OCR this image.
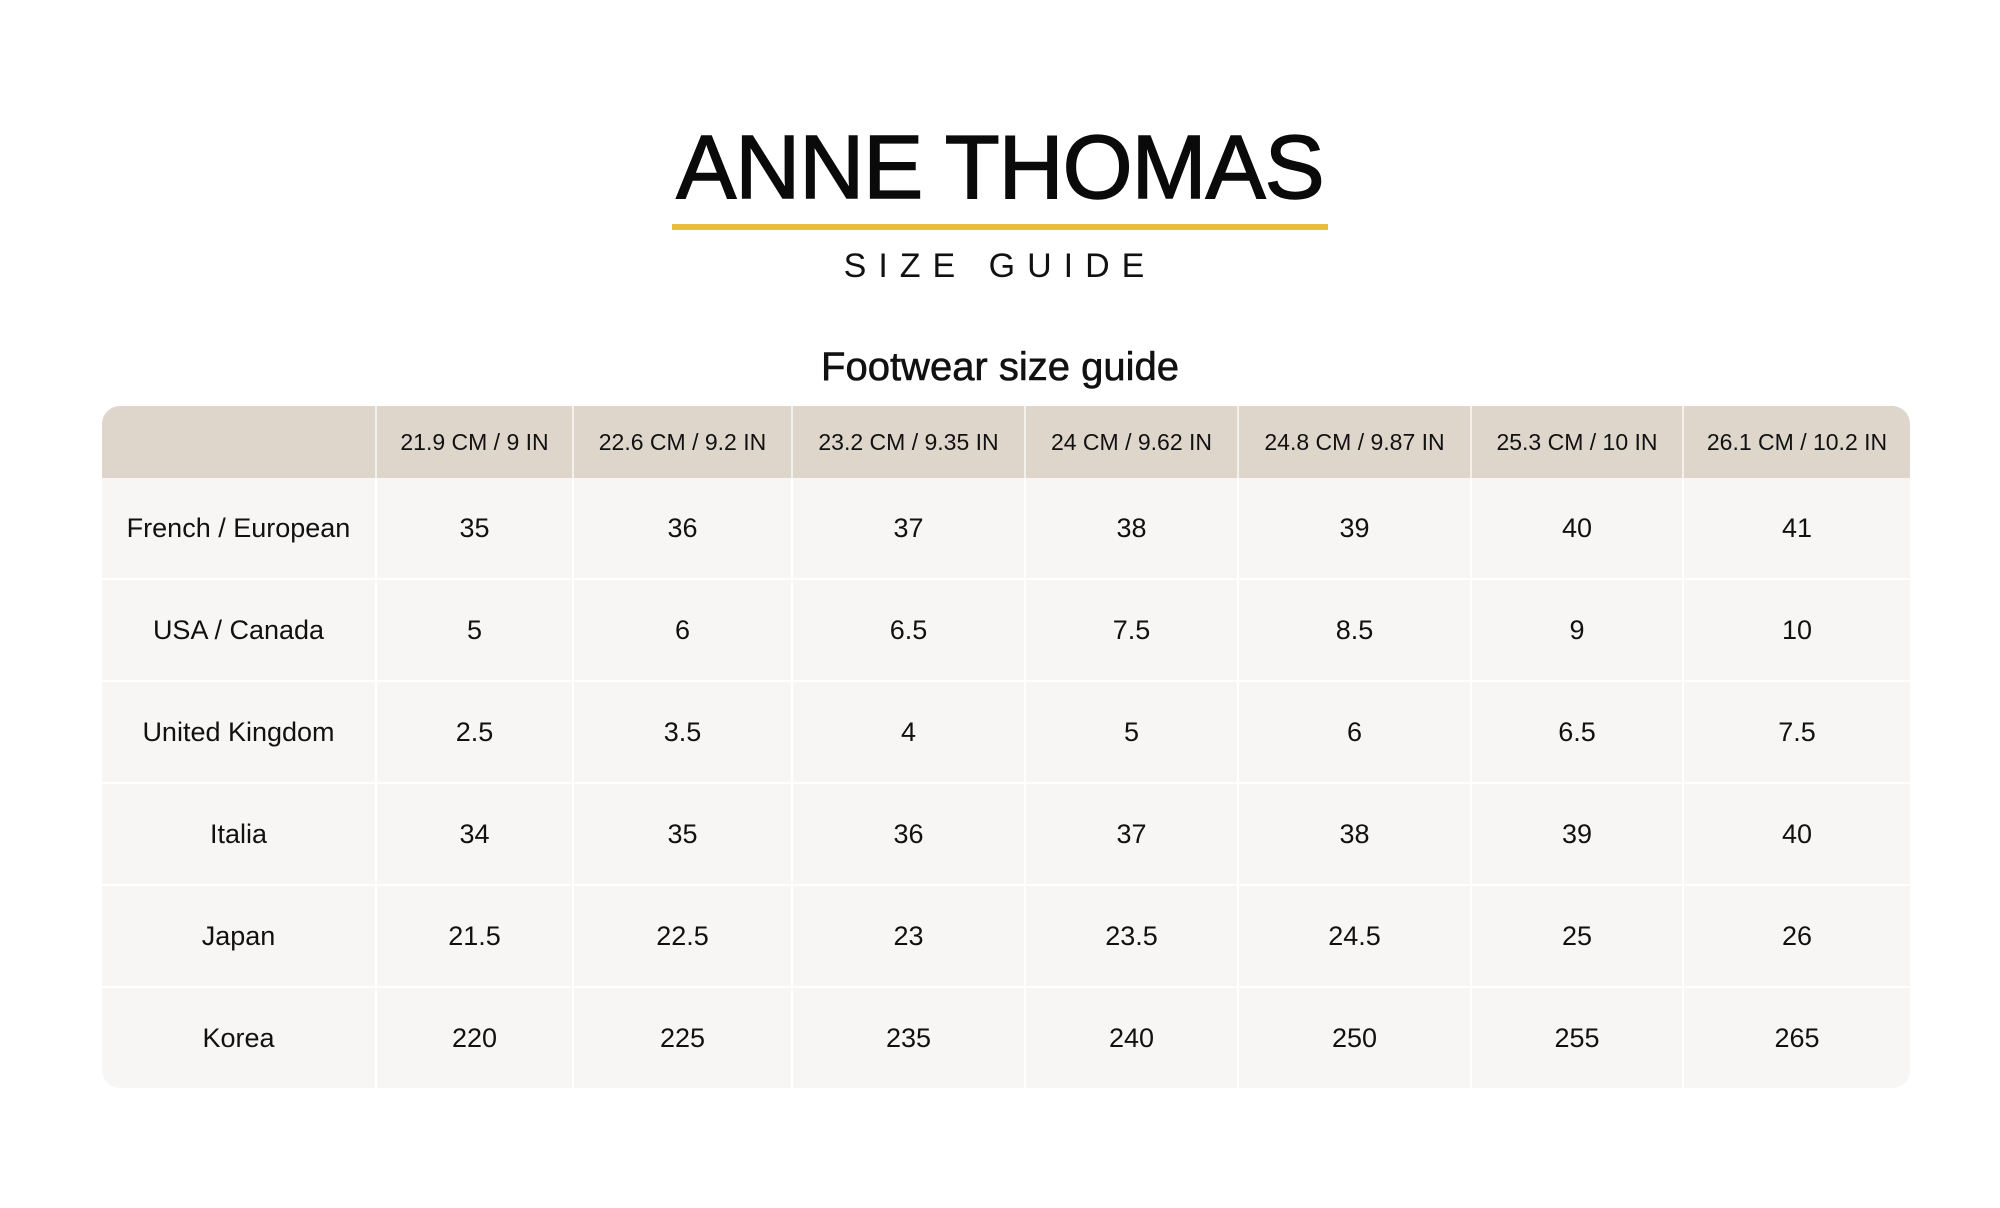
ANNE THOMAS
SIZE GUIDE
Footwear size guide
	21.9 CM / 9 IN	22.6 CM / 9.2 IN	23.2 CM / 9.35 IN	24 CM / 9.62 IN	24.8 CM / 9.87 IN	25.3 CM / 10 IN	26.1 CM / 10.2 IN
French / European	35	36	37	38	39	40	41
USA / Canada	5	6	6.5	7.5	8.5	9	10
United Kingdom	2.5	3.5	4	5	6	6.5	7.5
Italia	34	35	36	37	38	39	40
Japan	21.5	22.5	23	23.5	24.5	25	26
Korea	220	225	235	240	250	255	265
